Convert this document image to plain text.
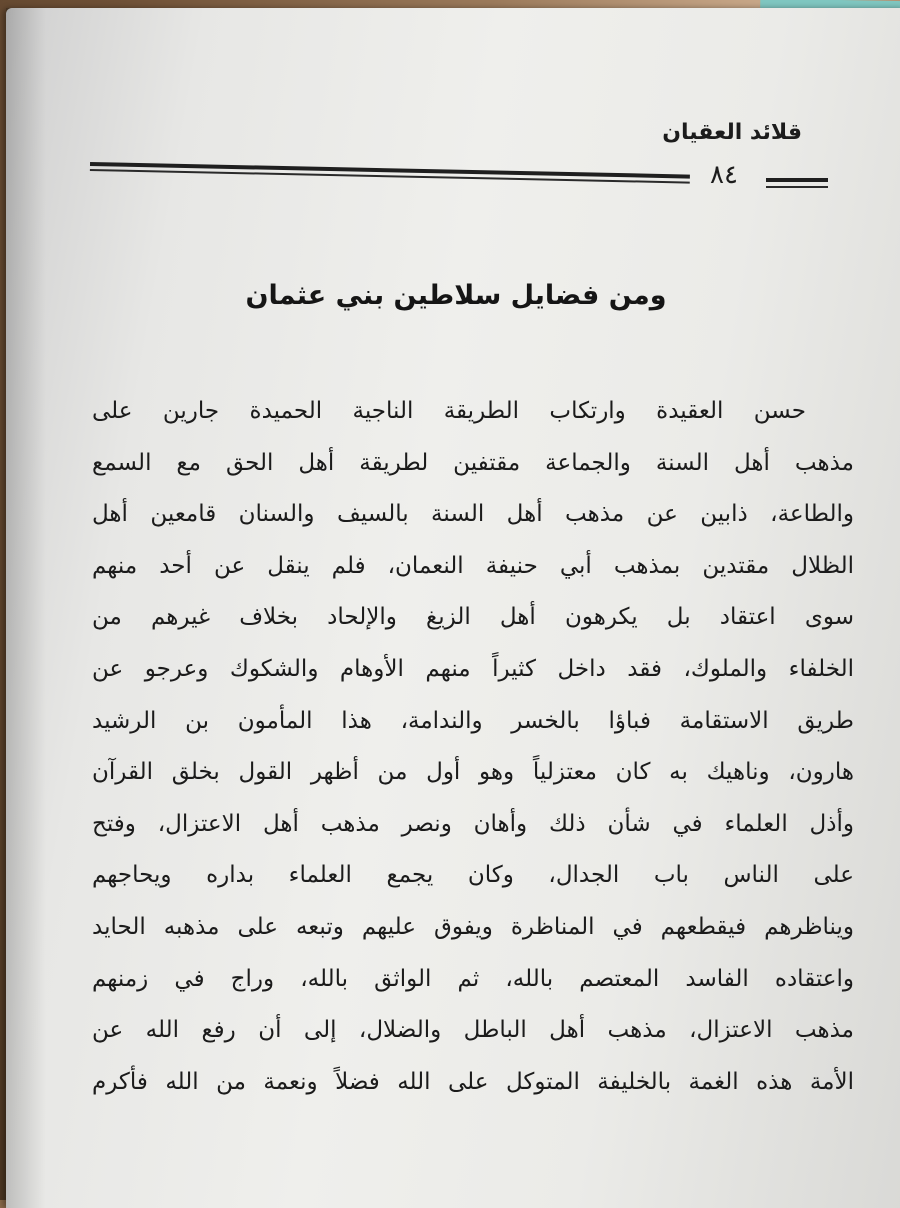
قلائد العقيان
٨٤
ومن فضايل سلاطين بني عثمان
حسن العقيدة وارتكاب الطريقة الناجية الحميدة جارين على
مذهب أهل السنة والجماعة مقتفين لطريقة أهل الحق مع السمع
والطاعة، ذابين عن مذهب أهل السنة بالسيف والسنان قامعين أهل
الظلال مقتدين بمذهب أبي حنيفة النعمان، فلم ينقل عن أحد منهم
سوى اعتقاد بل يكرهون أهل الزيغ والإلحاد بخلاف غيرهم من
الخلفاء والملوك، فقد داخل كثيراً منهم الأوهام والشكوك وعرجو عن
طريق الاستقامة فباؤا بالخسر والندامة، هذا المأمون بن الرشيد
هارون، وناهيك به كان معتزلياً وهو أول من أظهر القول بخلق القرآن
وأذل العلماء في شأن ذلك وأهان ونصر مذهب أهل الاعتزال، وفتح
على الناس باب الجدال، وكان يجمع العلماء بداره ويحاجهم
ويناظرهم فيقطعهم في المناظرة ويفوق عليهم وتبعه على مذهبه الحايد
واعتقاده الفاسد المعتصم بالله، ثم الواثق بالله، وراج في زمنهم
مذهب الاعتزال، مذهب أهل الباطل والضلال، إلى أن رفع الله عن
الأمة هذه الغمة بالخليفة المتوكل على الله فضلاً ونعمة من الله فأكرم
